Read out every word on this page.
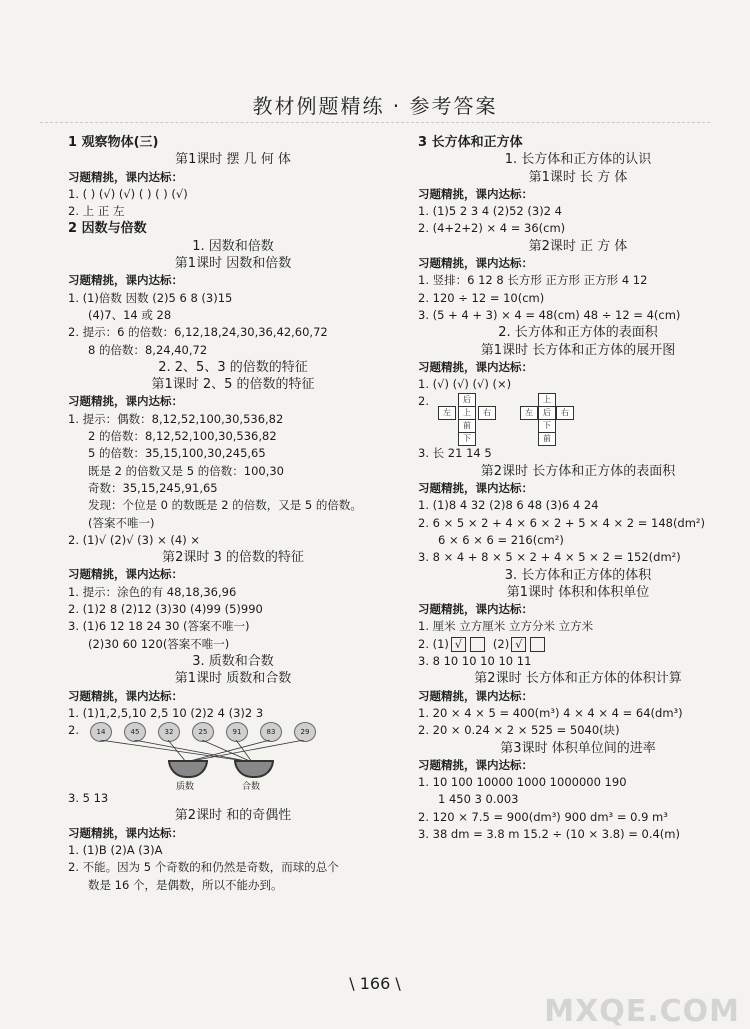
教材例题精练 · 参考答案
1 观察物体(三)
第1课时 摆 几 何 体
习题精挑，课内达标：
1. ( ) (√) (√) ( ) ( ) (√)
2. 上 正 左
2 因数与倍数
1. 因数和倍数
第1课时 因数和倍数
习题精挑，课内达标：
1. (1)倍数 因数 (2)5 6 8 (3)15
(4)7、14 或 28
2. 提示：6 的倍数：6,12,18,24,30,36,42,60,72
8 的倍数：8,24,40,72
2. 2、5、3 的倍数的特征
第1课时 2、5 的倍数的特征
习题精挑，课内达标：
1. 提示：偶数：8,12,52,100,30,536,82
2 的倍数：8,12,52,100,30,536,82
5 的倍数：35,15,100,30,245,65
既是 2 的倍数又是 5 的倍数：100,30
奇数：35,15,245,91,65
发现：个位是 0 的数既是 2 的倍数，又是 5 的倍数。
(答案不唯一)
2. (1)√ (2)√ (3) × (4) ×
第2课时 3 的倍数的特征
习题精挑，课内达标：
1. 提示：涂色的有 48,18,36,96
2. (1)2 8 (2)12 (3)30 (4)99 (5)990
3. (1)6 12 18 24 30 (答案不唯一)
(2)30 60 120(答案不唯一)
3. 质数和合数
第1课时 质数和合数
习题精挑，课内达标：
1. (1)1,2,5,10 2,5 10 (2)2 4 (3)2 3
2.	14	45	32	25	91	83	29
质数	合数
3. 5 13
第2课时 和的奇偶性
习题精挑，课内达标：
1. (1)B (2)A (3)A
2. 不能。因为 5 个奇数的和仍然是奇数，而球的总个
数是 16 个，是偶数，所以不能办到。
3 长方体和正方体
1. 长方体和正方体的认识
第1课时 长 方 体
习题精挑，课内达标：
1. (1)5 2 3 4 (2)52 (3)2 4
2. (4+2+2) × 4 = 36(cm)
第2课时 正 方 体
习题精挑，课内达标：
1. 竖排：6 12 8 长方形 正方形 正方形 4 12
2. 120 ÷ 12 = 10(cm)
3. (5 + 4 + 3) × 4 = 48(cm) 48 ÷ 12 = 4(cm)
2. 长方体和正方体的表面积
第1课时 长方体和正方体的展开图
习题精挑，课内达标：
1. (√) (√) (√) (×)
2.	后
左	上	右
前
下
上
左	后	右
下
前
3. 长 21 14 5
第2课时 长方体和正方体的表面积
习题精挑，课内达标：
1. (1)8 4 32 (2)8 6 48 (3)6 4 24
2. 6 × 5 × 2 + 4 × 6 × 2 + 5 × 4 × 2 = 148(dm²)
6 × 6 × 6 = 216(cm²)
3. 8 × 4 + 8 × 5 × 2 + 4 × 5 × 2 = 152(dm²)
3. 长方体和正方体的体积
第1课时 体积和体积单位
习题精挑，课内达标：
1. 厘米 立方厘米 立方分米 立方米
2. (1) √	(2) √
3. 8 10 10 10 10 11
第2课时 长方体和正方体的体积计算
习题精挑，课内达标：
1. 20 × 4 × 5 = 400(m³) 4 × 4 × 4 = 64(dm³)
2. 20 × 0.24 × 2 × 525 = 5040(块)
第3课时 体积单位间的进率
习题精挑，课内达标：
1. 10 100 10000 1000 1000000 190
1 450 3 0.003
2. 120 × 7.5 = 900(dm³) 900 dm³ = 0.9 m³
3. 38 dm = 3.8 m 15.2 ÷ (10 × 3.8) = 0.4(m)
\ 166 \
MXQE.COM
